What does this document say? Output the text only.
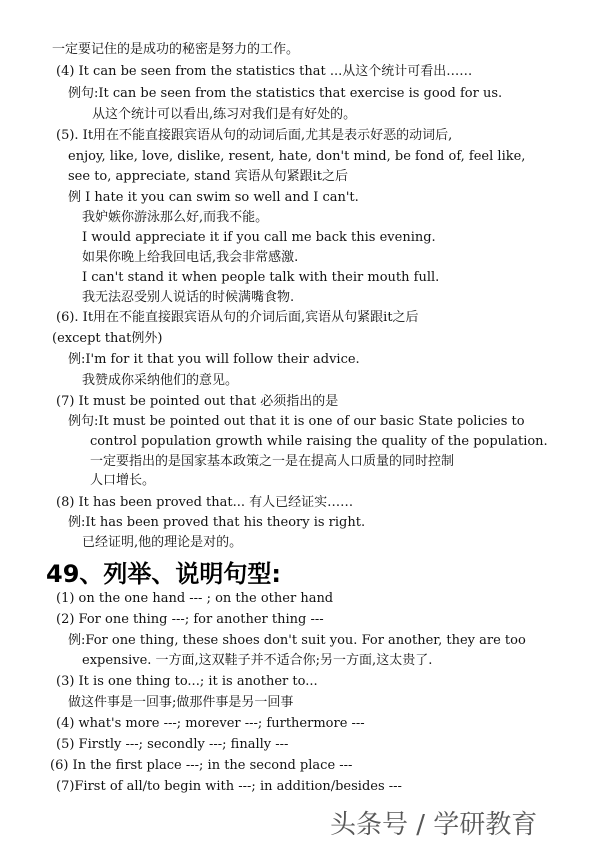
一定要记住的是成功的秘密是努力的工作。
(4) It can be seen from the statistics that ...从这个统计可看出……
例句:It can be seen from the statistics that exercise is good for us.
从这个统计可以看出,练习对我们是有好处的。
(5). It用在不能直接跟宾语从句的动词后面,尤其是表示好恶的动词后,
enjoy, like, love, dislike, resent, hate, don't mind, be fond of, feel like,
see to, appreciate, stand 宾语从句紧跟it之后
例 I hate it you can swim so well and I can't.
我妒嫉你游泳那么好,而我不能。
I would appreciate it if you call me back this evening.
如果你晚上给我回电话,我会非常感激.
I can't stand it when people talk with their mouth full.
我无法忍受别人说话的时候满嘴食物.
(6). It用在不能直接跟宾语从句的介词后面,宾语从句紧跟it之后
(except that例外)
例:I'm for it that you will follow their advice.
我赞成你采纳他们的意见。
(7) It must be pointed out that 必须指出的是
例句:It must be pointed out that it is one of our basic State policies to
control population growth while raising the quality of the population.
一定要指出的是国家基本政策之一是在提高人口质量的同时控制
人口增长。
(8) It has been proved that... 有人已经证实……
例:It has been proved that his theory is right.
已经证明,他的理论是对的。
49、列举、说明句型:
(1) on the one hand --- ; on the other hand
(2) For one thing ---; for another thing ---
例:For one thing, these shoes don't suit you. For another, they are too
expensive. 一方面,这双鞋子并不适合你;另一方面,这太贵了.
(3) It is one thing to...; it is another to...
做这件事是一回事;做那件事是另一回事
(4) what's more ---; morever ---; furthermore ---
(5) Firstly ---; secondly ---; finally ---
(6) In the first place ---; in the second place ---
(7)First of all/to begin with ---; in addition/besides ---
头条号 / 学研教育
